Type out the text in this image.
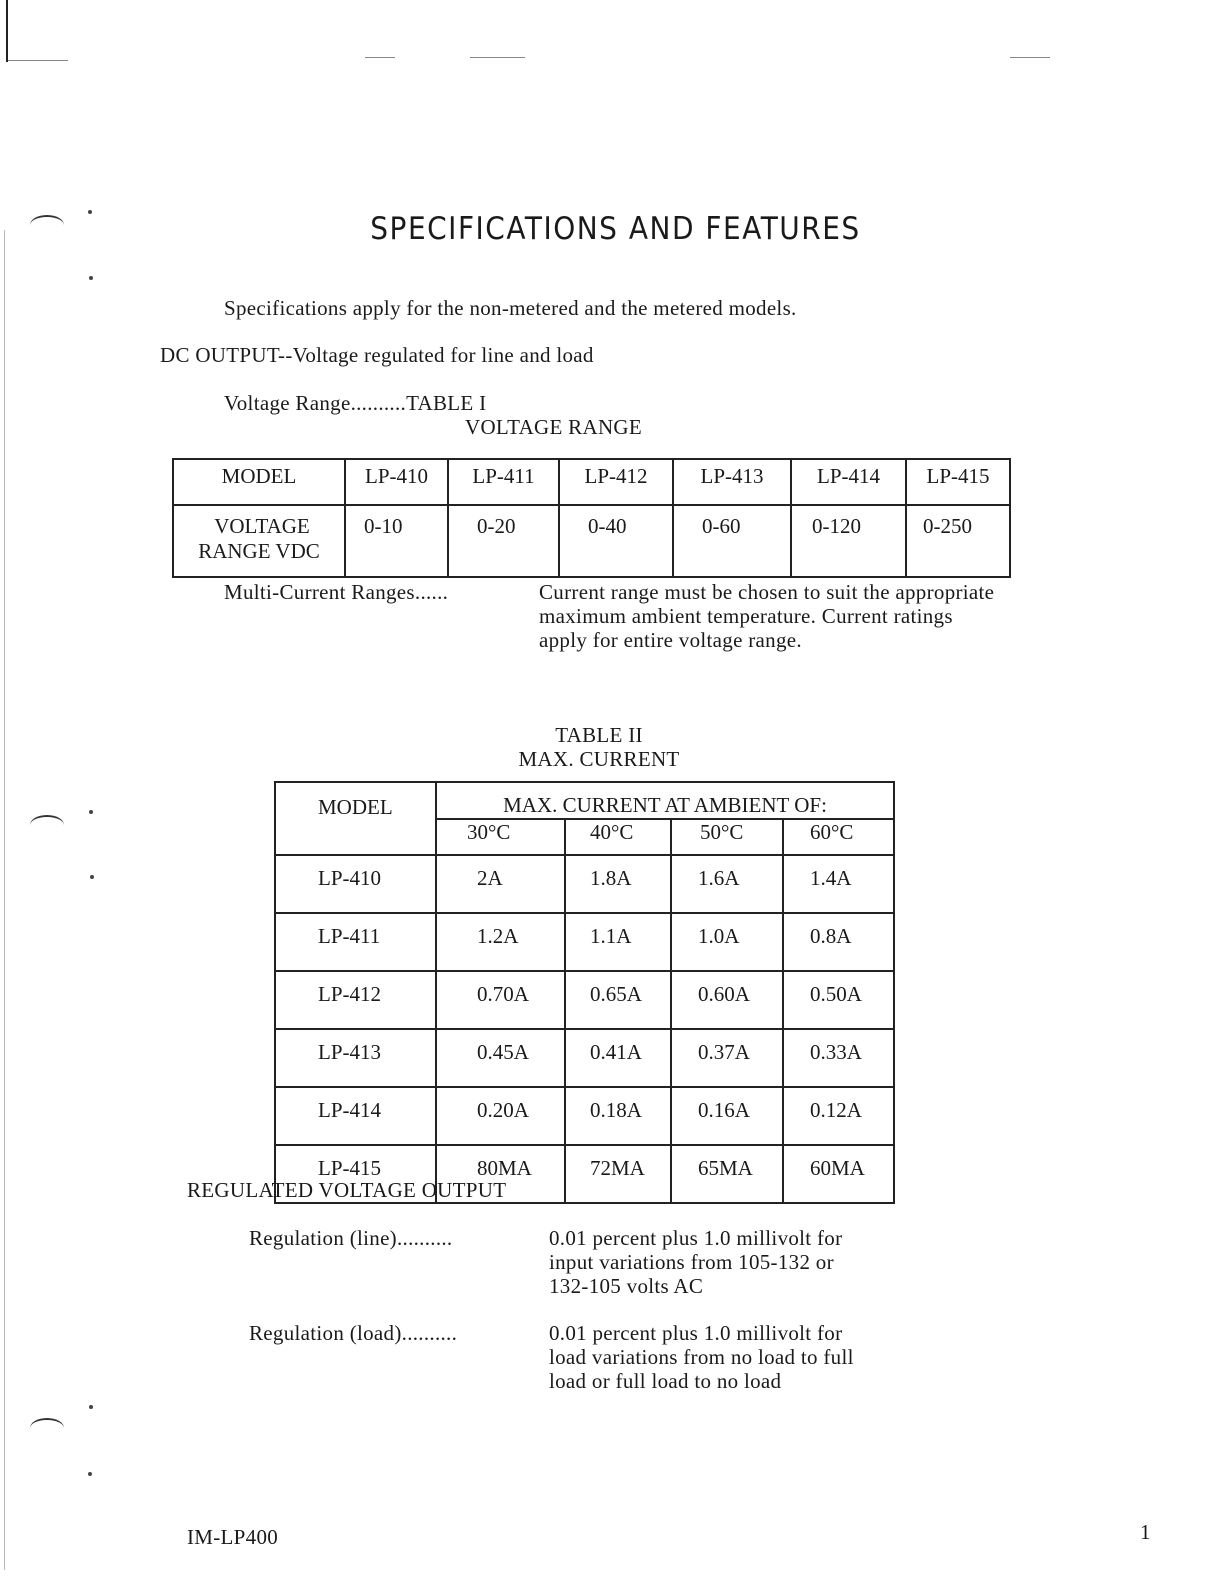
SPECIFICATIONS AND FEATURES
Specifications apply for the non-metered and the metered models.
DC OUTPUT--Voltage regulated for line and load
Voltage Range..........TABLE I
VOLTAGE RANGE
MODEL	LP-410	LP-411	LP-412	LP-413	LP-414	LP-415

VOLTAGE
RANGE VDC	0-10	0-20	0-40	0-60	0-120	0-250
Multi-Current Ranges......	Current range must be chosen to suit the appropriate
maximum ambient temperature. Current ratings
apply for entire voltage range.
TABLE II
MAX. CURRENT
MODEL	MAX. CURRENT AT AMBIENT OF:			

	30°C	40°C	50°C	60°C

LP-410	2A	1.8A	1.6A	1.4A

LP-411	1.2A	1.1A	1.0A	0.8A

LP-412	0.70A	0.65A	0.60A	0.50A

LP-413	0.45A	0.41A	0.37A	0.33A

LP-414	0.20A	0.18A	0.16A	0.12A

LP-415	80MA	72MA	65MA	60MA
REGULATED VOLTAGE OUTPUT
Regulation (line)..........	0.01 percent plus 1.0 millivolt for
input variations from 105-132 or
132-105 volts AC
Regulation (load)..........	0.01 percent plus 1.0 millivolt for
load variations from no load to full
load or full load to no load
IM-LP400	1
